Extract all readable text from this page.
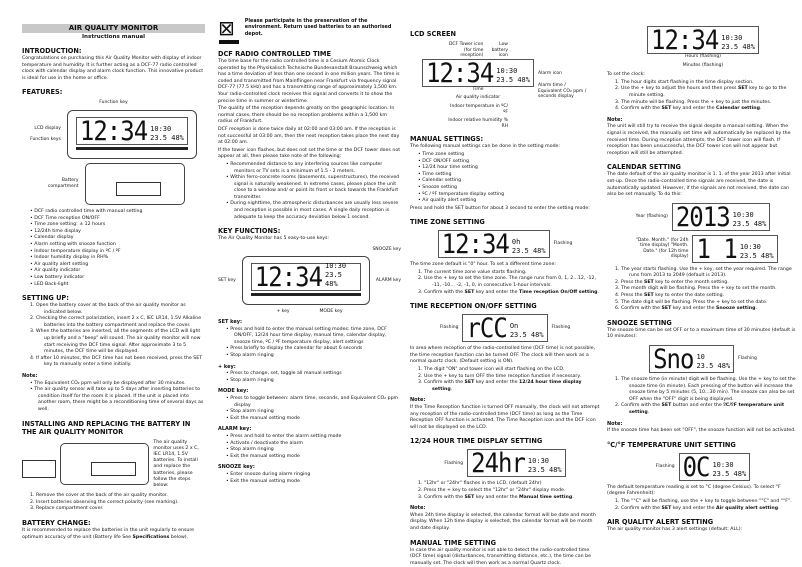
AIR QUALITY MONITOR
Instructions manual
INTRODUCTION:
Congratulations on purchasing this Air Quality Monitor with display of indoor temperature and humidity. It is further acting as a DCF-77 radio controlled clock with calendar display and alarm clock function. This innovative product is ideal for use in the home or office.
FEATURES:
Function key
LCD display
Function keys 12:34 10:30
23.5 48%
Battery compartment
• DCF radio controlled time with manual setting
• DCF Time reception ON/OFF
• Time zone setting: ± 12 hours
• 12/24h time display
• Calendar display
• Alarm setting with snooze function
• Indoor temperature display in ºC / ºF
• Indoor humidity display in RH%
• Air quality alert setting
• Air quality indicator
• Low battery indicator
• LED Back-light
SETTING UP:
1. Open the battery cover at the back of the air quality monitor as indicated below.
2. Checking the correct polarization, insert 2 x C, IEC LR14, 1.5V Alkaline batteries into the battery compartment and replace the cover.
3. When the batteries are inserted, all the segments of the LCD will light up briefly and a "beep" will sound. The air quality monitor will now start receiving the DCF time signal. After approximate 3 to 5 minutes, the DCF time will be displayed.
4. If after 10 minutes, the DCF time has not been received, press the SET key to manually enter a time initially.
Note:
• The Equivalent CO₂ ppm will only be displayed after 30 minutes.
• The air quality sensor will take up to 5 days after inserting batteries to condition itself for the room it is placed. If the unit is placed into another room, there might be a reconditioning time of several days as well.
INSTALLING AND REPLACING THE BATTERY IN THE AIR QUALITY MONITOR
The air quality monitor uses 2 x C, IEC LR14, 1.5V batteries. To install and replace the batteries, please follow the steps below:
1. Remove the cover at the back of the air quality monitor.
2. Insert batteries observing the correct polarity (see marking).
3. Replace compartment cover.
BATTERY CHANGE:
It is recommended to replace the batteries in the unit regularly to ensure optimum accuracy of the unit (Battery life See Specifications below).
⊠ Please participate in the preservation of the environment. Return used batteries to an authorised depot.
DCF RADIO CONTROLLED TIME
The time base for the radio controlled time is a Cesium Atomic Clock operated by the Physikalisch Technische Bundesanstalt Braunschweig which has a time deviation of less than one second in one million years. The time is coded and transmitted from Mainflingen near Frankfurt via frequency signal DCF-77 (77.5 kHz) and has a transmitting range of approximately 1,500 km. Your radio-controlled clock receives this signal and converts it to show the precise time in summer or wintertime.
The quality of the reception depends greatly on the geographic location. In normal cases, there should be no reception problems within a 1,500 km radius of Frankfurt.
DCF reception is done twice daily at 02:00 and 03:00 am. If the reception is not successful at 03:00 am, then the next reception takes place the next day at 02:00 am.
If the tower icon flashes, but does not set the time or the DCF tower does not appear at all, then please take note of the following:
• Recommended distance to any interfering sources like computer monitors or TV sets is a minimum of 1.5 - 2 meters.
• Within ferro-concrete rooms (basements, superstructures), the received signal is naturally weakened. In extreme cases, please place the unit close to a window and/ or point its front or back towards the Frankfurt transmitter.
• During nighttime, the atmospheric disturbances are usually less severe and reception is possible in most cases. A single daily reception is adequate to keep the accuracy deviation below 1 second.
KEY FUNCTIONS:
The Air Quality Monitor has 5 easy-to-use keys:
SNOOZE key
SET key 12:34 10:30
23.5 48%	ALARM key
+ key	MODE key
SET key:
• Press and hold to enter the manual setting modes: time zone, DCF ON/OFF, 12/24 hour time display, manual time, calendar display, snooze time, ºC / ºF temperature display, alert settings
• Press briefly to display the calendar for about 6 seconds
• Stop alarm ringing
+ key:
• Press to change, set, toggle all manual settings
• Stop alarm ringing
MODE key:
• Press to toggle between: alarm time, seconds, and Equivalent CO₂ ppm display
• Stop alarm ringing
• Exit the manual setting mode
ALARM key:
• Press and hold to enter the alarm setting mode
• Activate / deactivate the alarm
• Stop alarm ringing
• Exit the manual setting mode
SNOOZE key:
• Enter snooze during alarm ringing
• Exit the manual setting mode
LCD SCREEN
DCF Tower icon (for time reception)
Low battery icon
12:34 10:30
23.5 48%
Time
Air quality indicator
Indoor temperature in ºC/ºF
Indoor relative humidity % RH
Alarm icon
Alarm time / Equivalent CO₂ ppm / seconds display
MANUAL SETTINGS:
The following manual settings can be done in the setting mode:
• Time zone setting
• DCF ON/OFF setting
• 12/24 hour time setting
• Time setting
• Calendar setting
• Snooze setting
• ºC / ºF temperature display setting
• Air quality alert setting
Press and hold the SET button for about 3 second to enter the setting mode:
TIME ZONE SETTING
12:34 0h
23.5 48%
Flashing
The time zone default is "0" hour. To set a different time zone:
1. The current time zone value starts flashing.
2. Use the + key to set the time zone. The range runs from 0, 1, 2…12, -12, -11, -10… -2, -1, 0, in consecutive 1-hour intervals.
3. Confirm with the SET key and enter the Time reception On/Off setting.
TIME RECEPTION ON/OFF SETTING
Flashing rCC On
23.5 48%
Flashing
In area where reception of the radio-controlled time (DCF time) is not possible, the time reception function can be turned OFF. The clock will then work as a normal quartz clock. (Default setting is ON).
1. The digit "ON" and tower icon will start flashing on the LCD.
2. Use the + key to turn OFF the time reception function if necessary.
3. Confirm with the SET key and enter the 12/24 hour time display setting.
Note:
If the Time Reception function is turned OFF manually, the clock will not attempt any reception of the radio-controlled time (DCF time) as long as the Time Reception OFF function is activated. The Time Reception icon and the DCF icon will not be displayed on the LCD.
12/24 HOUR TIME DISPLAY SETTING
Flashing 24hr 10:30
23.5 48%
1. "12hr" or "24hr" flashes in the LCD. (default 24hr)
2. Press the + key to select the "12hr" or "24hr" display mode.
3. Confirm with the SET key and enter the Manual time setting.
Note:
When 24h time display is selected, the calendar format will be date and month display. When 12h time display is selected, the calendar format will be month and date display.
MANUAL TIME SETTING
In case the air quality monitor is not able to detect the radio-controlled time (DCF time) signal (disturbances, transmitting distance, etc.), the time can be manually set. The clock will then work as a normal Quartz clock.
12:34 10:30
23.5 48%
Hours (flashing)
Minutes (flashing)
To set the clock:
1. The hour digits start flashing in the time display section.
2. Use the + key to adjust the hours and then press SET key to go to the minute setting.
3. The minute will be flashing. Press the + key to just the minutes.
4. Confirm with the SET key and enter the Calendar setting.
Note:
The unit will still try to receive the signal despite a manual setting. When the signal is received, the manually set time will automatically be replaced by the received time. During reception attempts, the DCF tower icon will flash. If reception has been unsuccessful, the DCF tower icon will not appear but reception will still be attempted.
CALENDAR SETTING
The date default of the air quality monitor is 1. 1. of the year 2013 after initial set-up. Once the radio-controlled time signals are received, the date is automatically updated. However, if the signals are not received, the date can also be set manually. To do this:
Year (flashing) 2013 10:30
23.5 48%
"Date. Month." (for 24h time display) "Month. Date." (for 12h time display) 1 1 10:30
23.5 48%
1. The year starts flashing. Use the + key, set the year required. The range runs from 2013 to 2049 (default is 2013).
2. Press the SET key to enter the month setting.
3. The month digit will be flashing. Press the + key to set the month.
4. Press the SET key to enter the date setting.
5. The date digit will be flashing. Press the + key to set the date.
6. Confirm with the SET key and enter the Snooze setting.
SNOOZE SETTING
The snooze time can be set OFF or to a maximum time of 30 minutes (default is 10 minutes):
Sno 10
23.5 48%
Flashing
1. The snooze time (in minute) digit will be flashing. Use the + key to set the snooze time (in minute). Each pressing of the button will increase the snooze time by 5 minutes (5, 10…30 min). The snooze can also be set OFF when the "OFF" digit is being displayed.
2. Confirm with the SET button and enter the ºC/ºF temperature unit setting.
Note:
If the snooze time has been set "OFF", the snooze function will not be activated.
°C/°F TEMPERATURE UNIT SETTING
Flashing 0C 10:30
23.5 48%
The default temperature reading is set to °C (degree Celsius). To select °F (degree Fahrenheit):
1. The "°C" will be flashing, use the + key to toggle between "°C" and "°F".
2. Confirm with the SET key and enter the Air quality alert setting.
AIR QUALITY ALERT SETTING
The air quality monitor has 3 alert settings (default: ALL):
